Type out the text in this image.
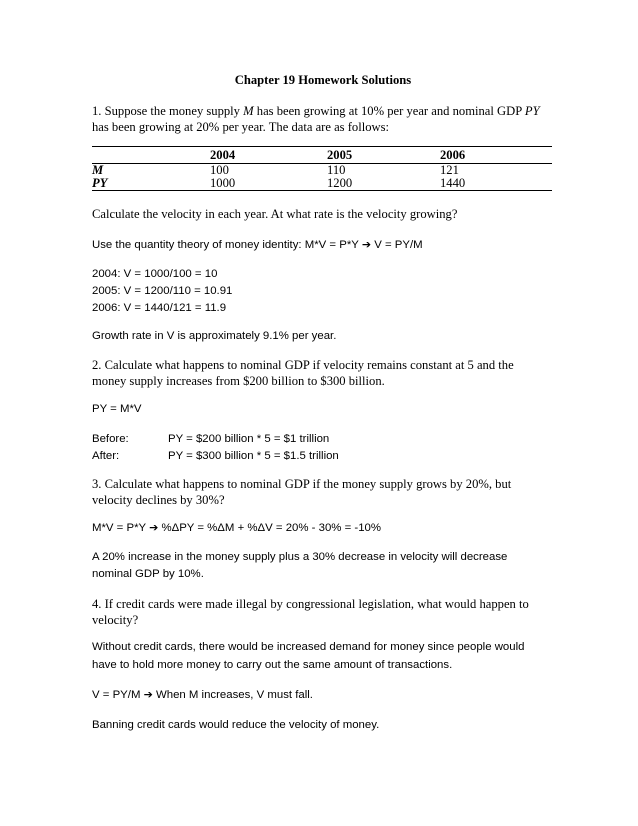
Chapter 19 Homework Solutions
1. Suppose the money supply M has been growing at 10% per year and nominal GDP PY
has been growing at 20% per year. The data are as follows:
	2004	2005	2006
M	100	110	121
PY	1000	1200	1440
Calculate the velocity in each year. At what rate is the velocity growing?
Use the quantity theory of money identity: M*V = P*Y ➔ V = PY/M
2004: V = 1000/100 = 10
2005: V = 1200/110 = 10.91
2006: V = 1440/121 = 11.9
Growth rate in V is approximately 9.1% per year.
2. Calculate what happens to nominal GDP if velocity remains constant at 5 and the
money supply increases from $200 billion to $300 billion.
PY = M*V
Before:	PY = $200 billion * 5 = $1 trillion
After:	PY = $300 billion * 5 = $1.5 trillion
3. Calculate what happens to nominal GDP if the money supply grows by 20%, but
velocity declines by 30%?
M*V = P*Y ➔ %ΔPY = %ΔM + %ΔV = 20% - 30% = -10%
A 20% increase in the money supply plus a 30% decrease in velocity will decrease
nominal GDP by 10%.
4. If credit cards were made illegal by congressional legislation, what would happen to
velocity?
Without credit cards, there would be increased demand for money since people would
have to hold more money to carry out the same amount of transactions.
V = PY/M ➔ When M increases, V must fall.
Banning credit cards would reduce the velocity of money.
